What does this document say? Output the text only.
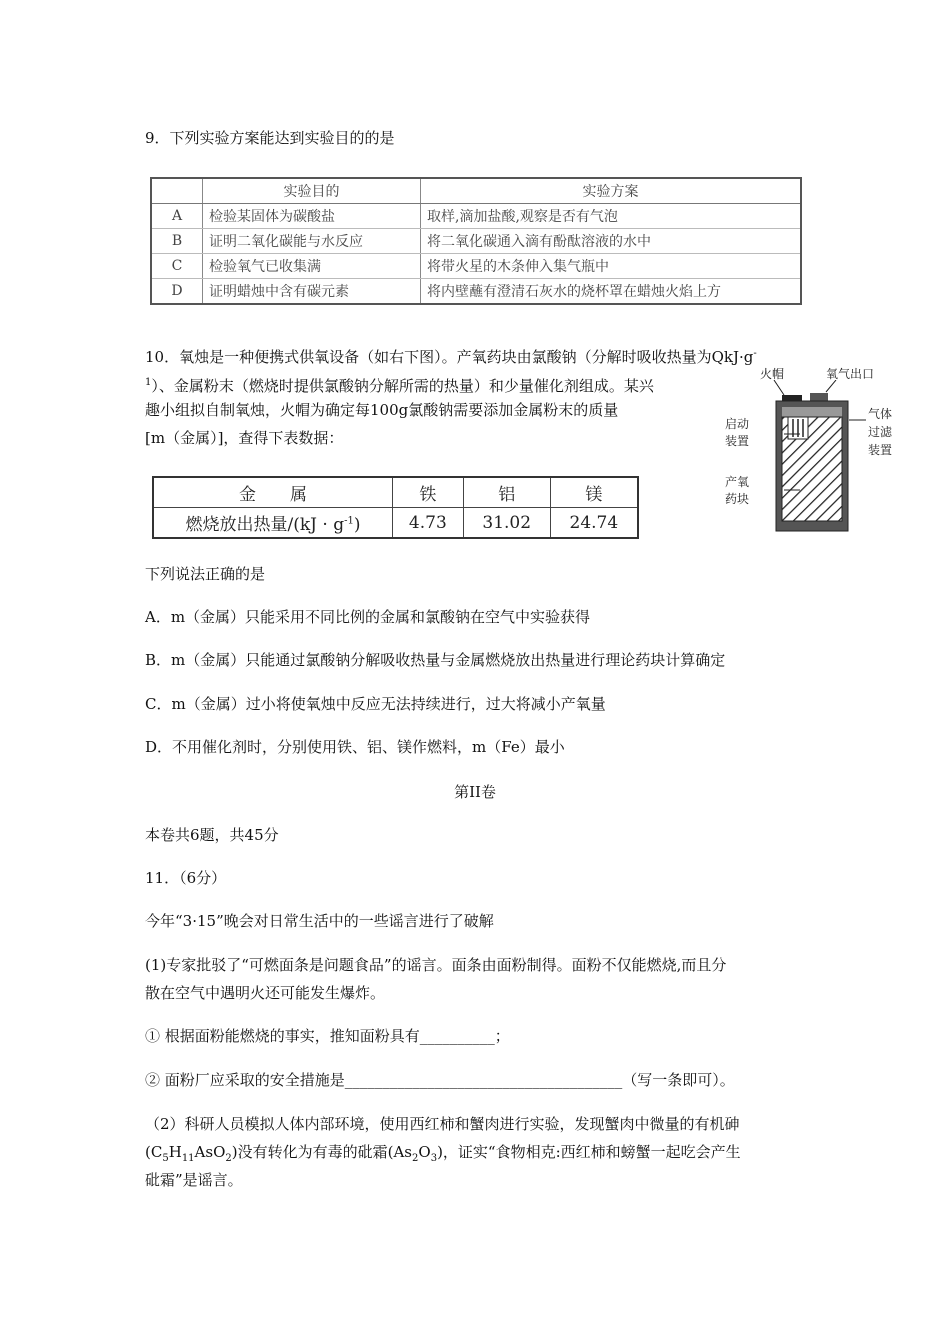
9．下列实验方案能达到实验目的的是
	实验目的	实验方案
A	检验某固体为碳酸盐	取样,滴加盐酸,观察是否有气泡
B	证明二氧化碳能与水反应	将二氧化碳通入滴有酚酞溶液的水中
C	检验氧气已收集满	将带火星的木条伸入集气瓶中
D	证明蜡烛中含有碳元素	将内壁蘸有澄清石灰水的烧杯罩在蜡烛火焰上方
10．氧烛是一种便携式供氧设备（如右下图）。产氧药块由氯酸钠（分解时吸收热量为QkJ·g-
$^1$）、金属粉末（燃烧时提供氯酸钠分解所需的热量）和少量催化剂组成。某兴
趣小组拟自制氧烛，火帽为确定每100g氯酸钠需要添加金属粉末的质量
[m（金属）]，查得下表数据：
金　　属	铁	铝	镁
燃烧放出热量$/(kJ \cdot g^{-1})$	4.73	31.02	24.74
火帽	氧气出口
启动
装置
气体
过滤
装置
产氧
药块
下列说法正确的是
A．m（金属）只能采用不同比例的金属和氯酸钠在空气中实验获得
B．m（金属）只能通过氯酸钠分解吸收热量与金属燃烧放出热量进行理论药块计算确定
C．m（金属）过小将使氧烛中反应无法持续进行，过大将减小产氧量
D．不用催化剂时，分别使用铁、铝、镁作燃料，m（Fe）最小
第II卷
本卷共6题，共45分
11．（6分）
今年“3·15”晚会对日常生活中的一些谣言进行了破解
(1)专家批驳了“可燃面条是问题食品”的谣言。面条由面粉制得。面粉不仅能燃烧,而且分
散在空气中遇明火还可能发生爆炸。
① 根据面粉能燃烧的事实，推知面粉具有__________；
② 面粉厂应采取的安全措施是_____________________________________（写一条即可）。
（2）科研人员模拟人体内部环境，使用西红柿和蟹肉进行实验，发现蟹肉中微量的有机砷
$(C_5H_{11}AsO_2)$没有转化为有毒的砒霜$(As_2O_3)$，证实“食物相克:西红柿和螃蟹一起吃会产生
砒霜”是谣言。
